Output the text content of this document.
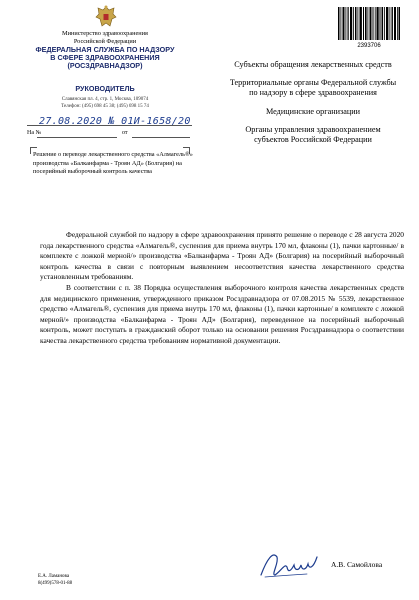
Министерство здравоохранения
Российской Федерации
ФЕДЕРАЛЬНАЯ СЛУЖБА ПО НАДЗОРУ
В СФЕРЕ ЗДРАВООХРАНЕНИЯ
(РОСЗДРАВНАДЗОР)
РУКОВОДИТЕЛЬ
Славянская пл. 4, стр. 1, Москва, 109074
Телефон: (495) 698 45 38; (495) 698 15 74
27.08.2020 № 01И-1658/20
На №	от
Решение о переводе лекарственного средства «Алмагель®» производства «Балканфарма - Троян АД» (Болгария) на посерийный выборочный контроль качества
2393706

Субъекты обращения лекарственных средств

Территориальные органы Федеральной службы по надзору в сфере здравоохранения

Медицинские организации

Органы управления здравоохранением субъектов Российской Федерации

Федеральной службой по надзору в сфере здравоохранения принято решение о переводе с 28 августа 2020 года лекарственного средства «Алмагель®, суспензия для приема внутрь 170 мл, флаконы (1), пачки картонные/ в комплекте с ложкой мерной/» производства «Балканфарма - Троян АД» (Болгария) на посерийный выборочный контроль качества в связи с повторным выявлением несоответствия качества лекарственного средства установленным требованиям.

В соответствии с п. 38 Порядка осуществления выборочного контроля качества лекарственных средств для медицинского применения, утвержденного приказом Росздравнадзора от 07.08.2015 № 5539, лекарственное средство «Алмагель®, суспензия для приема внутрь 170 мл, флаконы (1), пачки картонные/ в комплекте с ложкой мерной/» производства «Балканфарма - Троян АД» (Болгария), переведенное на посерийный выборочный контроль, может поступать в гражданский оборот только на основании решения Росздравнадзора о соответствии качества лекарственного средства требованиям нормативной документации.

А.В. Самойлова
Е.А. Ламанова
8(499)578-01-88
